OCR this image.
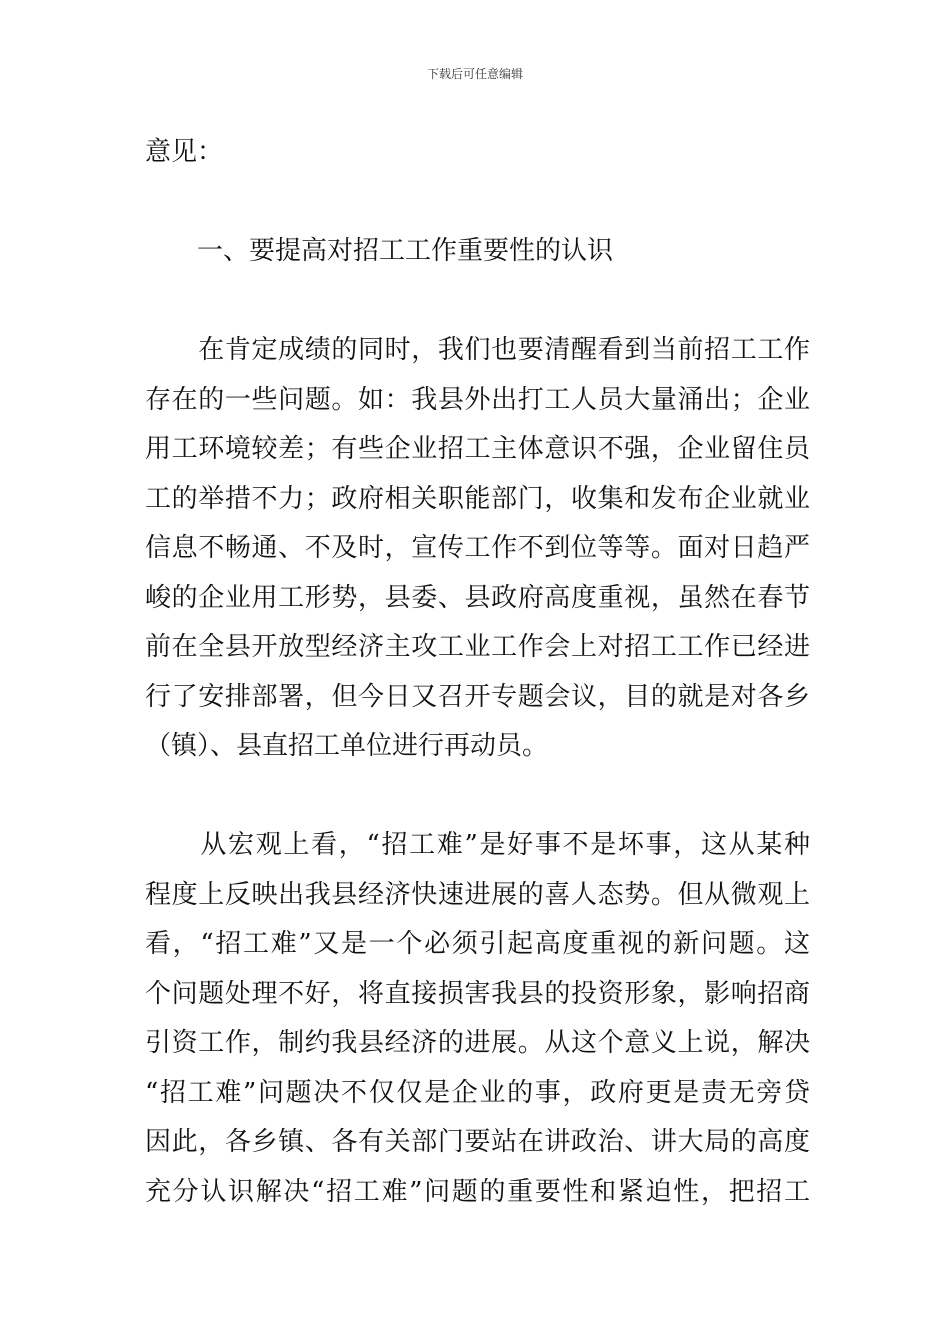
下载后可任意编辑
意见：
　　一、要提高对招工工作重要性的认识
　　在肯定成绩的同时，我们也要清醒看到当前招工工作
存在的一些问题。如：我县外出打工人员大量涌出；企业
用工环境较差；有些企业招工主体意识不强，企业留住员
工的举措不力；政府相关职能部门，收集和发布企业就业
信息不畅通、不及时，宣传工作不到位等等。面对日趋严
峻的企业用工形势，县委、县政府高度重视，虽然在春节
前在全县开放型经济主攻工业工作会上对招工工作已经进
行了安排部署，但今日又召开专题会议，目的就是对各乡
（镇）、县直招工单位进行再动员。
　　从宏观上看，“招工难”是好事不是坏事，这从某种
程度上反映出我县经济快速进展的喜人态势。但从微观上
看，“招工难”又是一个必须引起高度重视的新问题。这
个问题处理不好，将直接损害我县的投资形象，影响招商
引资工作，制约我县经济的进展。从这个意义上说，解决
“招工难”问题决不仅仅是企业的事，政府更是责无旁贷
因此，各乡镇、各有关部门要站在讲政治、讲大局的高度
充分认识解决“招工难”问题的重要性和紧迫性，把招工
